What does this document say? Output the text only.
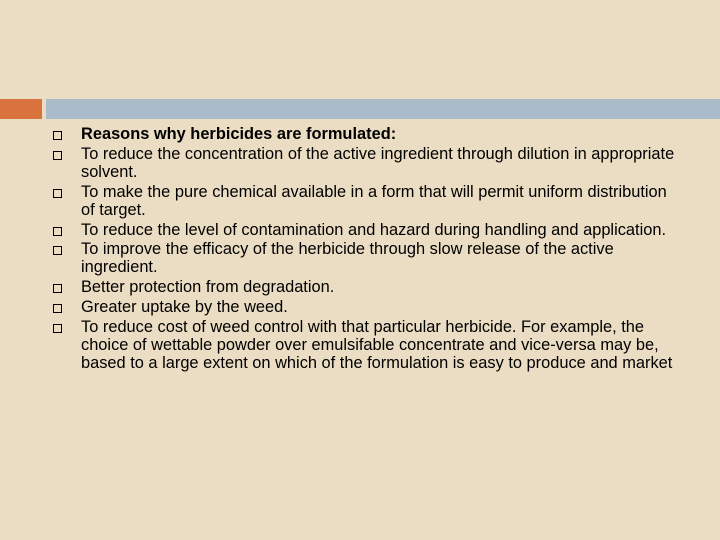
Reasons why herbicides are formulated:
To reduce the concentration of the active ingredient through dilution in appropriate solvent.
To make the pure chemical available in a form that will permit uniform distribution of target.
To reduce the level of contamination and hazard during handling and application.
To improve the efficacy of the herbicide through slow release of the active ingredient.
Better protection from degradation.
Greater uptake by the weed.
To reduce cost of weed control with that particular herbicide. For example, the choice of wettable powder over emulsifable concentrate and vice-versa may be, based to a large extent on which of the formulation is easy to produce and market
